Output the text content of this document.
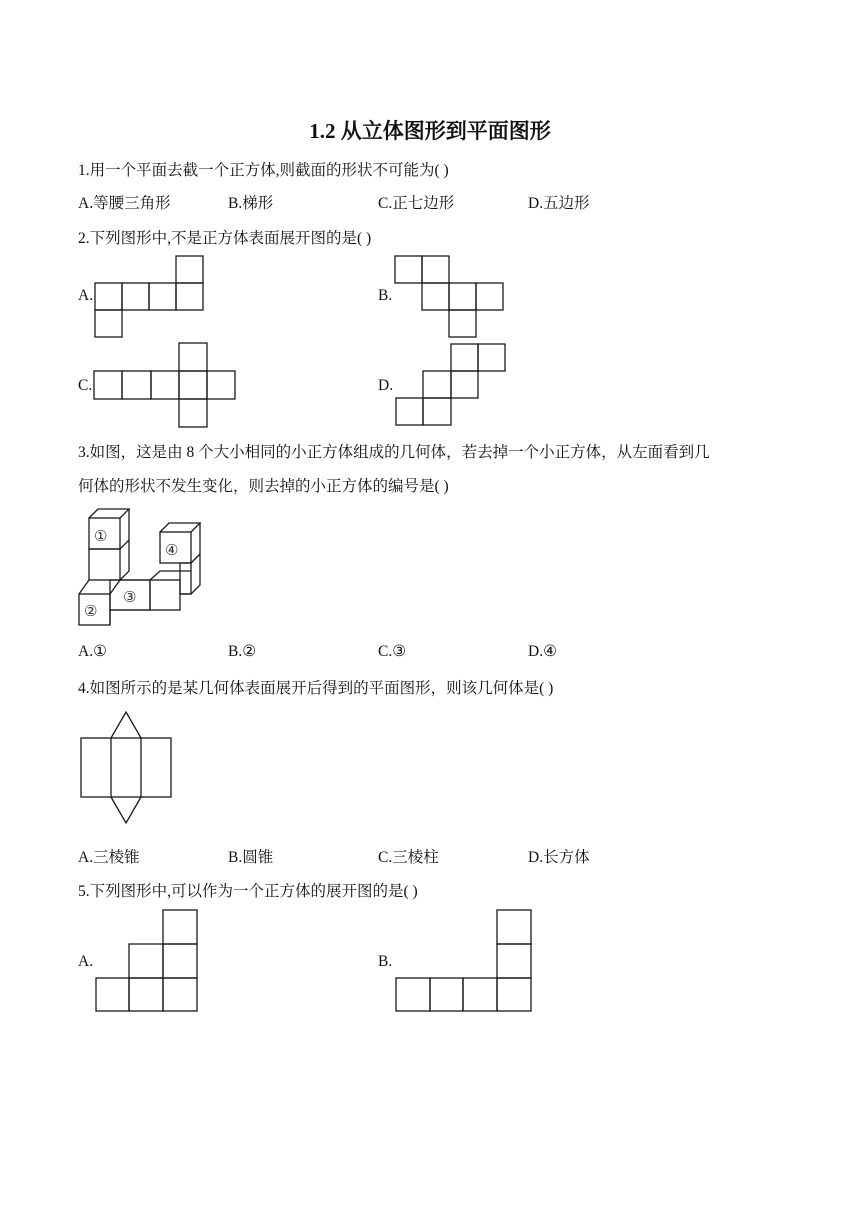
1.2 从立体图形到平面图形
1.用一个平面去截一个正方体,则截面的形状不可能为( )
A.等腰三角形	B.梯形	C.正七边形	D.五边形
2.下列图形中,不是正方体表面展开图的是( )
A.	B.
C.	D.
3.如图，这是由 8 个大小相同的小正方体组成的几何体，若去掉一个小正方体，从左面看到几
何体的形状不发生变化，则去掉的小正方体的编号是( )
①
④
②
③
A.①	B.②	C.③	D.④
4.如图所示的是某几何体表面展开后得到的平面图形，则该几何体是( )
A.三棱锥	B.圆锥	C.三棱柱	D.长方体
5.下列图形中,可以作为一个正方体的展开图的是( )
A.	B.
